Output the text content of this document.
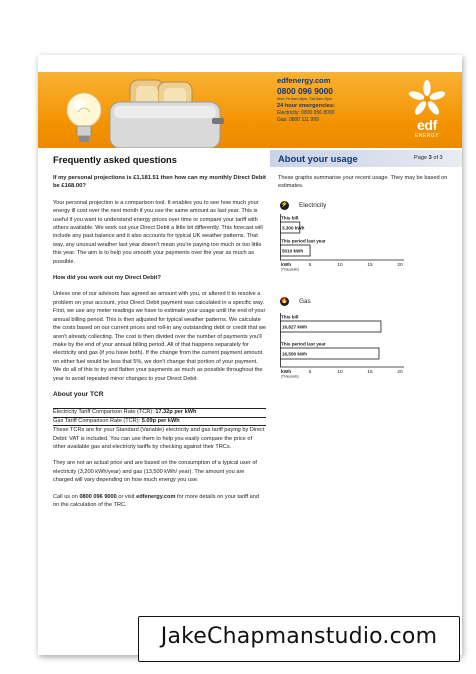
edfenergy.com
0800 096 9000
Mon-Fri 8am-8pm, Sat 8am-5pm
24 hour emergencies:
Electricity: 0800 056 8090
Gas: 0800 111 999	edf
ENERGY
Frequently asked questions
If my personal projections is £1,181.51 then how can my monthly Direct Debit be £168.00?
Your personal projection is a comparison tool. It enables you to see how much your energy ill cost over the next month if you use the same amount as last year. This is useful if you want to understand energy prices over time or compare your tariff with others available. We work out your Direct Debit a little bit differently. This forecast will include any past balance and it also accounts for typical UK weather patterns. That way, any unusual weather last year doesn't mean you're paying too much or too little this year. The aim is to help you smooth your payments over the year as much as possible.
How did you work out my Direct Debit?
Unless one of our advisors has agreed an amount with you, or altered it to resolve a problem on your account, your Direct Debit payment was calculated in a specific way. First, we use any meter readings we have to estimate your usage until the end of your annual billing period. This is then adjusted for typical weather patterns. We calculate the costs based on our current prices and roll-in any outstanding debt or credit that we aren't already collecting. The cost is then divided over the number of payments you'll make by the end of your annual billing period. All of that happens separately for electricity and gas (if you have both). If the change from the current payment amount on either fuel would be less that 5%, we don't change that portion of your payment. We do all of this to try and flatten your payments as much as possible throughout the year to avoid repeated minor changes to your Direct Debit.
About your TCR
Electricity Tariff Comparison Rate (TCR): 17.32p per kWh
Gas Tariff Comparison Rate (TCR): 5.09p per kWh
These TCRs are for your Standard (Variable) electricity and gas tariff paying by Direct Debit: VAT is included. You can use them to help you easily compare the price of other available gas and electricity tariffs by checking against their TRCs.
They are not an actual price and are based on the consumption of a typical user of electricity (3,200 kWh/year) and gas (13,500 kWh/ year). The amount you are charged will vary depending on how much energy you use.
Call us on 0800 096 9000 or visit edfenergy.com for more details on your tariff and on the calculation of the TRC.
About your usage	Page 3 of 3
These graphs summarise your recent usage. They may be based on estimates.
⚡ Electricity
This bill
3,300 kWh
This period last year
5010 kWh
kWh
(Thousands)
5	10	15	20
🔥 Gas
This bill
16,827 kWh
This period last year
16,500 kWh
kWh
(Thousands)
5	10	15	20
JakeChapmanstudio.com
